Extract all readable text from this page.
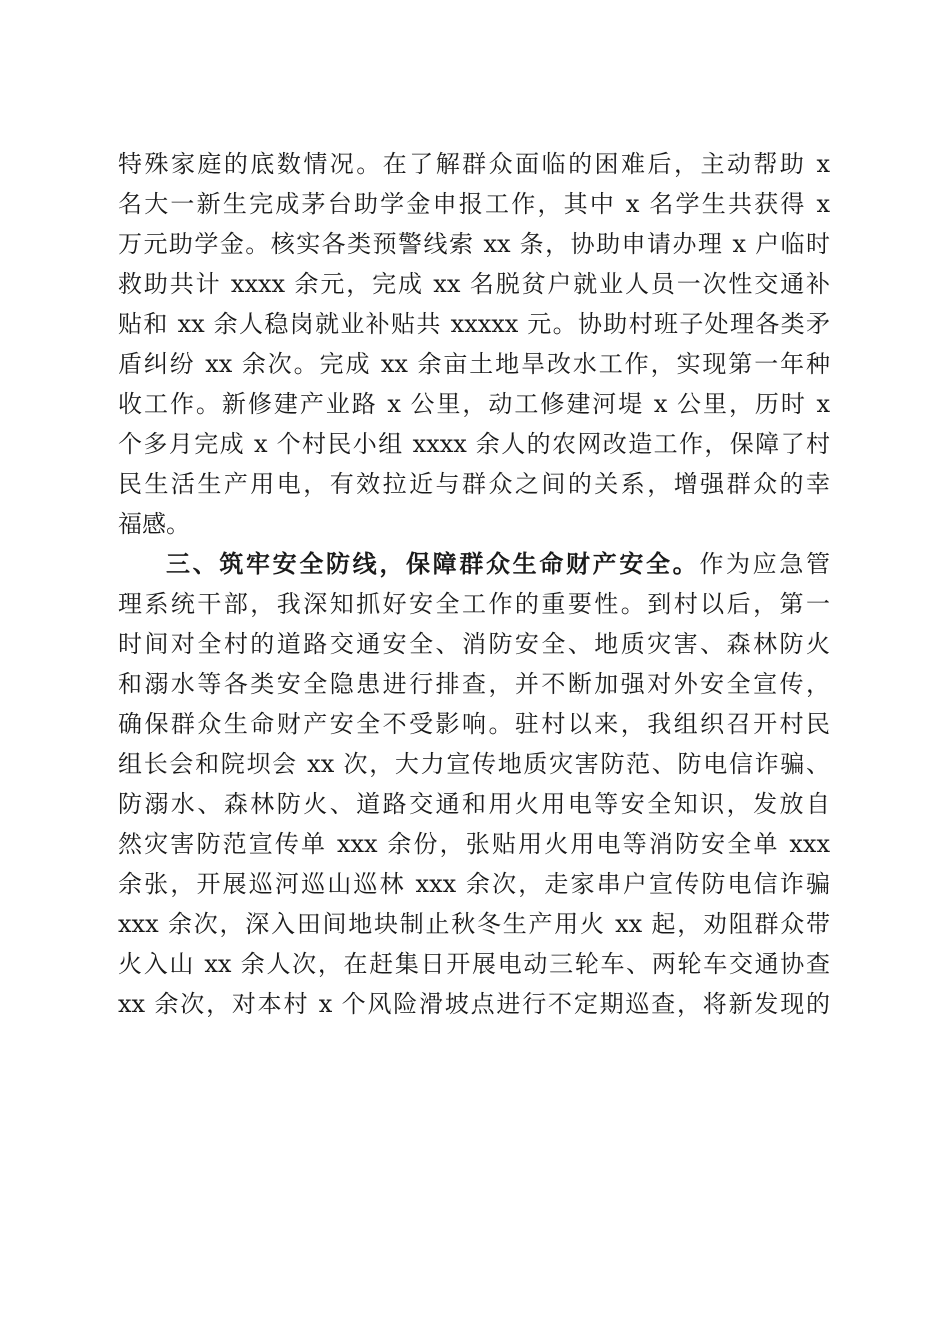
特殊家庭的底数情况。在了解群众面临的困难后，主动帮助 x
名大一新生完成茅台助学金申报工作，其中 x 名学生共获得 x
万元助学金。核实各类预警线索 xx 条，协助申请办理 x 户临时
救助共计 xxxx 余元，完成 xx 名脱贫户就业人员一次性交通补
贴和 xx 余人稳岗就业补贴共 xxxxx 元。协助村班子处理各类矛
盾纠纷 xx 余次。完成 xx 余亩土地旱改水工作，实现第一年种
收工作。新修建产业路 x 公里，动工修建河堤 x 公里，历时 x
个多月完成 x 个村民小组 xxxx 余人的农网改造工作，保障了村
民生活生产用电，有效拉近与群众之间的关系，增强群众的幸
福感。
三、筑牢安全防线，保障群众生命财产安全。作为应急管
理系统干部，我深知抓好安全工作的重要性。到村以后，第一
时间对全村的道路交通安全、消防安全、地质灾害、森林防火
和溺水等各类安全隐患进行排查，并不断加强对外安全宣传，
确保群众生命财产安全不受影响。驻村以来，我组织召开村民
组长会和院坝会 xx 次，大力宣传地质灾害防范、防电信诈骗、
防溺水、森林防火、道路交通和用火用电等安全知识，发放自
然灾害防范宣传单 xxx 余份，张贴用火用电等消防安全单 xxx
余张，开展巡河巡山巡林 xxx 余次，走家串户宣传防电信诈骗
xxx 余次，深入田间地块制止秋冬生产用火 xx 起，劝阻群众带
火入山 xx 余人次，在赶集日开展电动三轮车、两轮车交通协查
xx 余次，对本村 x 个风险滑坡点进行不定期巡查，将新发现的
